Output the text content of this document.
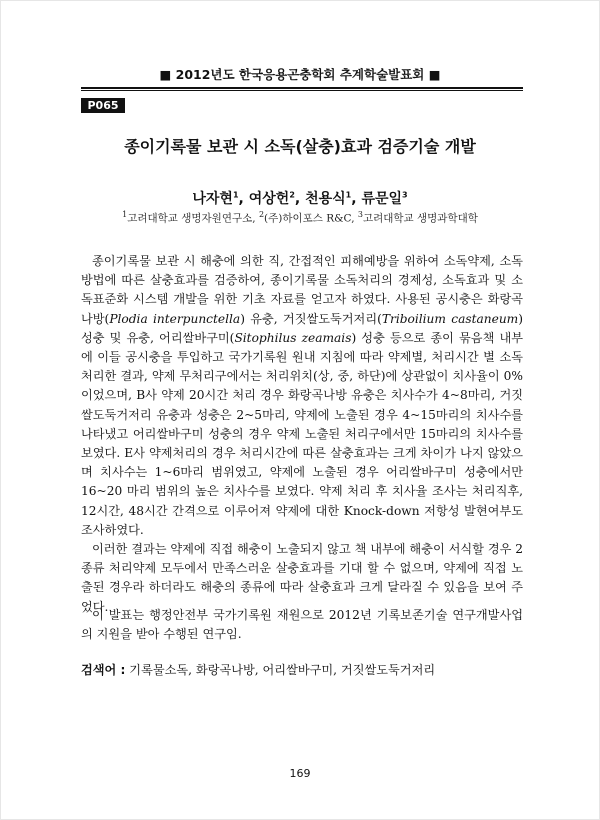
■ 2012년도 한국응용곤충학회 추계학술발표회 ■
P065
종이기록물 보관 시 소독(살충)효과 검증기술 개발
나자현$^1$, 여상헌$^2$, 천용식$^1$, 류문일$^3$
$^1$고려대학교 생명자원연구소, $^2$(주)하이포스 R&C, $^3$고려대학교 생명과학대학

종이기록물 보관 시 해충에 의한 직, 간접적인 피해예방을 위하여 소독약제, 소독방법에 따른 살충효과를 검증하여, 종이기록물 소독처리의 경제성, 소독효과 및 소독표준화 시스템 개발을 위한 기초 자료를 얻고자 하였다. 사용된 공시충은 화랑곡나방(Plodia interpunctella) 유충, 거짓쌀도둑거저리(Triboilium castaneum) 성충 및 유충, 어리쌀바구미(Sitophilus zeamais) 성충 등으로 종이 묶음책 내부에 이들 공시충을 투입하고 국가기록원 원내 지침에 따라 약제별, 처리시간 별 소독처리한 결과, 약제 무처리구에서는 처리위치(상, 중, 하단)에 상관없이 치사율이 0% 이었으며, B사 약제 20시간 처리 경우 화랑곡나방 유충은 치사수가 4~8마리, 거짓쌀도둑거저리 유충과 성충은 2~5마리, 약제에 노출된 경우 4~15마리의 치사수를 나타냈고 어리쌀바구미 성충의 경우 약제 노출된 처리구에서만 15마리의 치사수를 보였다. E사 약제처리의 경우 처리시간에 따른 살충효과는 크게 차이가 나지 않았으며 치사수는 1~6마리 범위였고, 약제에 노출된 경우 어리쌀바구미 성충에서만 16~20 마리 범위의 높은 치사수를 보였다. 약제 처리 후 치사율 조사는 처리직후, 12시간, 48시간 간격으로 이루어져 약제에 대한 Knock-down 저항성 발현여부도 조사하였다.

이러한 결과는 약제에 직접 해충이 노출되지 않고 책 내부에 해충이 서식할 경우 2종류 처리약제 모두에서 만족스러운 살충효과를 기대 할 수 없으며, 약제에 직접 노출된 경우라 하더라도 해충의 종류에 따라 살충효과 크게 달라질 수 있음을 보여 주었다.

이 발표는 행정안전부 국가기록원 재원으로 2012년 기록보존기술 연구개발사업의 지원을 받아 수행된 연구임.

검색어 : 기록물소독, 화랑곡나방, 어리쌀바구미, 거짓쌀도둑거저리
169
